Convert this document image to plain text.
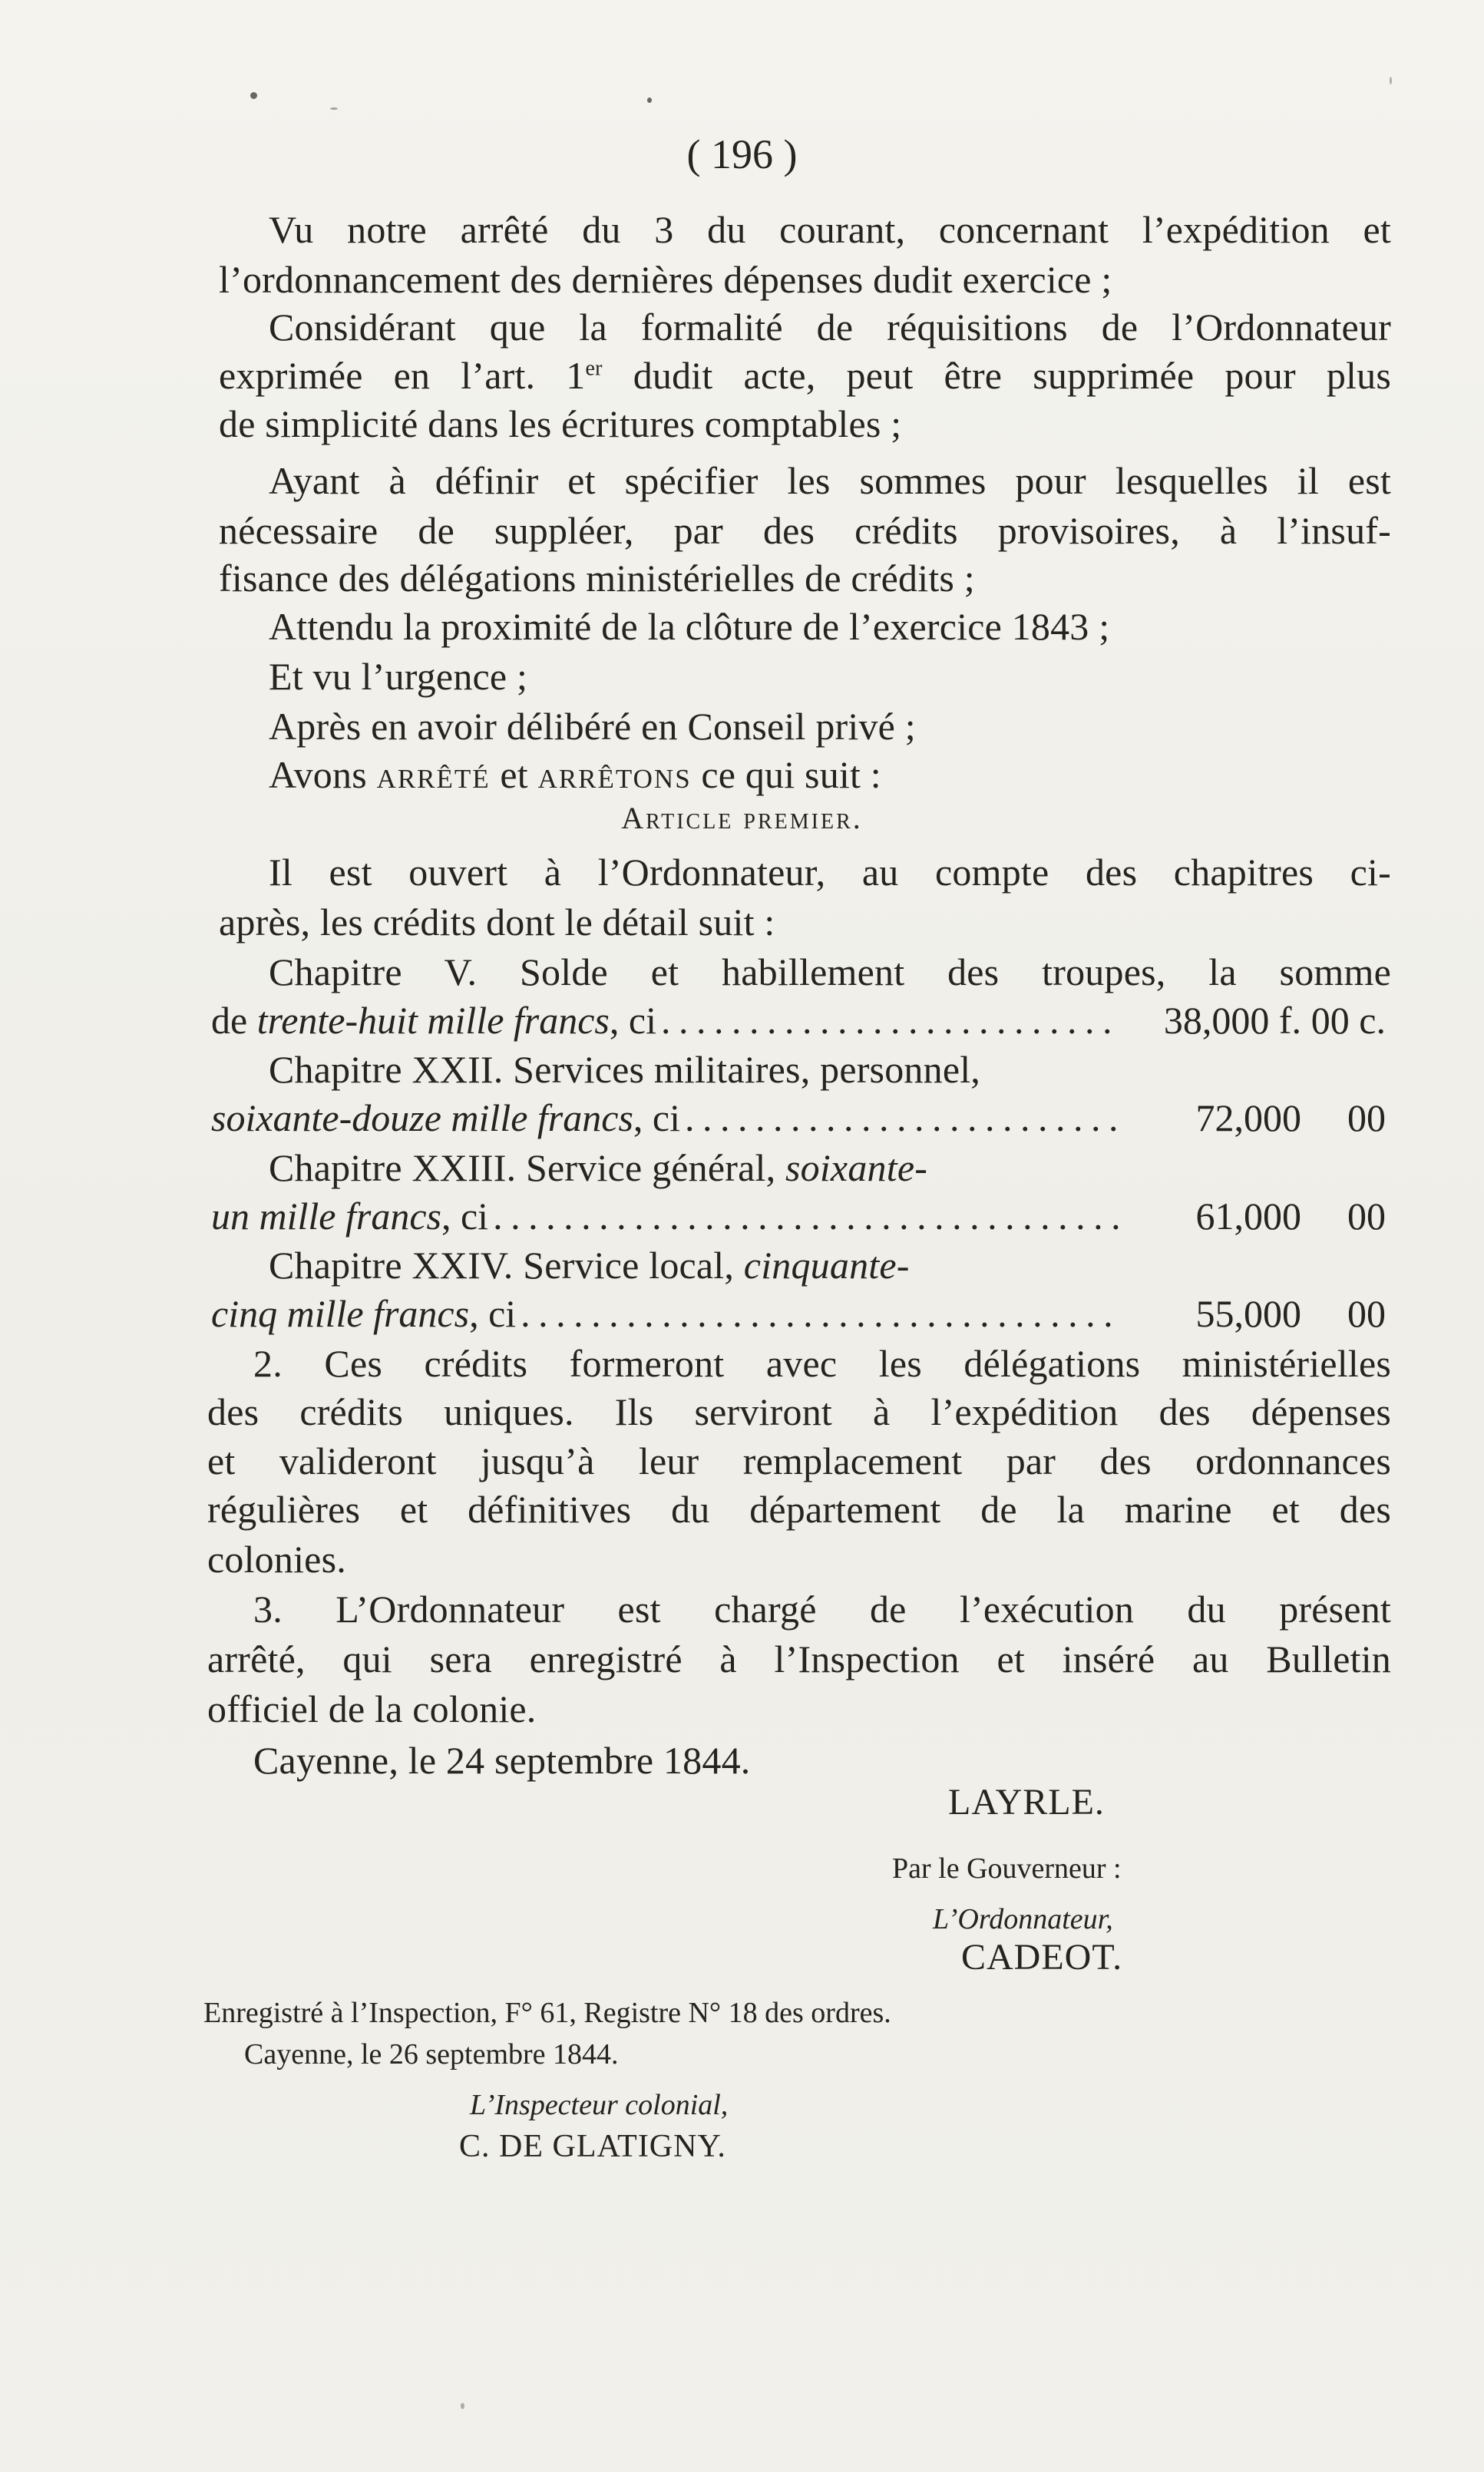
( 196 )
Vu notre arrêté du 3 du courant, concernant l’expédition et
l’ordonnancement des dernières dépenses dudit exercice ;
Considérant que la formalité de réquisitions de l’Ordonnateur
exprimée en l’art. 1er dudit acte, peut être supprimée pour plus
de simplicité dans les écritures comptables ;
Ayant à définir et spécifier les sommes pour lesquelles il est
nécessaire de suppléer, par des crédits provisoires, à l’insuf-
fisance des délégations ministérielles de crédits ;
Attendu la proximité de la clôture de l’exercice 1843 ;
Et vu l’urgence ;
Après en avoir délibéré en Conseil privé ;
Avons arrêté et arrêtons ce qui suit :
Article premier.
Il est ouvert à l’Ordonnateur, au compte des chapitres ci-
après, les crédits dont le détail suit :
Chapitre V. Solde et habillement des troupes, la somme
de trente-huit mille francs, ci . . .	38,000 f. 00 c.
Chapitre XXII. Services militaires, personnel,
soixante-douze mille francs, ci . . .	72,000	00
Chapitre XXIII. Service général, soixante-
un mille francs, ci . . .	61,000	00
Chapitre XXIV. Service local, cinquante-
cinq mille francs, ci . . .	55,000	00
2. Ces crédits formeront avec les délégations ministérielles
des crédits uniques. Ils serviront à l’expédition des dépenses
et valideront jusqu’à leur remplacement par des ordonnances
régulières et définitives du département de la marine et des
colonies.
3. L’Ordonnateur est chargé de l’exécution du présent
arrêté, qui sera enregistré à l’Inspection et inséré au Bulletin
officiel de la colonie.
Cayenne, le 24 septembre 1844.
LAYRLE.
Par le Gouverneur :
L’Ordonnateur,
CADEOT.
Enregistré à l’Inspection, F° 61, Registre N° 18 des ordres.
Cayenne, le 26 septembre 1844.
L’Inspecteur colonial,
C. DE GLATIGNY.
